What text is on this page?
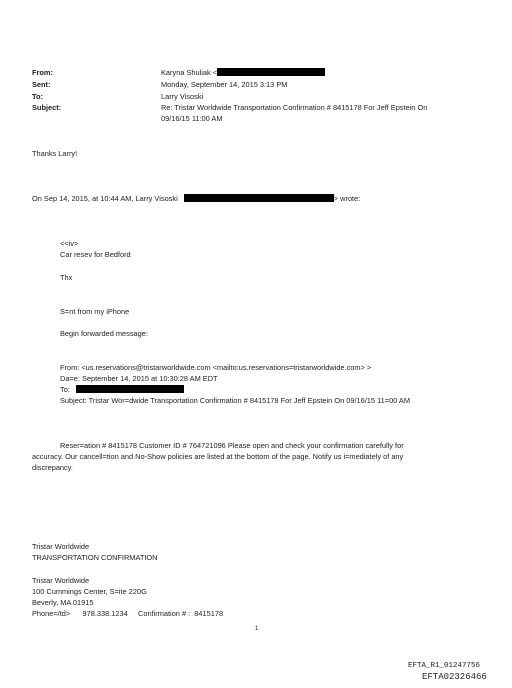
From:	Karyna Shuliak <
Sent:	Monday, September 14, 2015 3:13 PM
To:	Larry Visoski
Subject:	Re: Tristar Worldwide Transportation Confirmation # 8415178 For Jeff Epstein On
09/16/15 11:00 AM
Thanks Larry!
On Sep 14, 2015, at 10:44 AM, Larry Visoski	> wrote:
<<iv>
Car resev for Bedford
Thx
S=nt from my iPhone
Begin forwarded message:
From: <us.reservations@tristarworldwide.com <mailto:us.reservations=tristarworldwide.com> >
Da=e: September 14, 2015 at 10:30:28 AM EDT
To:
Subject: Tristar Wor=dwide Transportation Confirmation # 8415178 For Jeff Epstein On 09/16/15 11=00 AM
Reser=ation # 8415178 Customer ID # 764721096 Please open and check your confirmation carefully for
accuracy. Our cancell=tion and No-Show policies are listed at the bottom of the page. Notify us i=mediately of any
discrepancy.
Tristar Worldwide
TRANSPORTATION CONFIRMATION
Tristar Worldwide
100 Cummings Center, S=ite 220G
Beverly, MA 01915
Phone=/td>      978.338.1234     Confirmation # :  8415178
1
EFTA_R1_01247756
EFTA02326466
